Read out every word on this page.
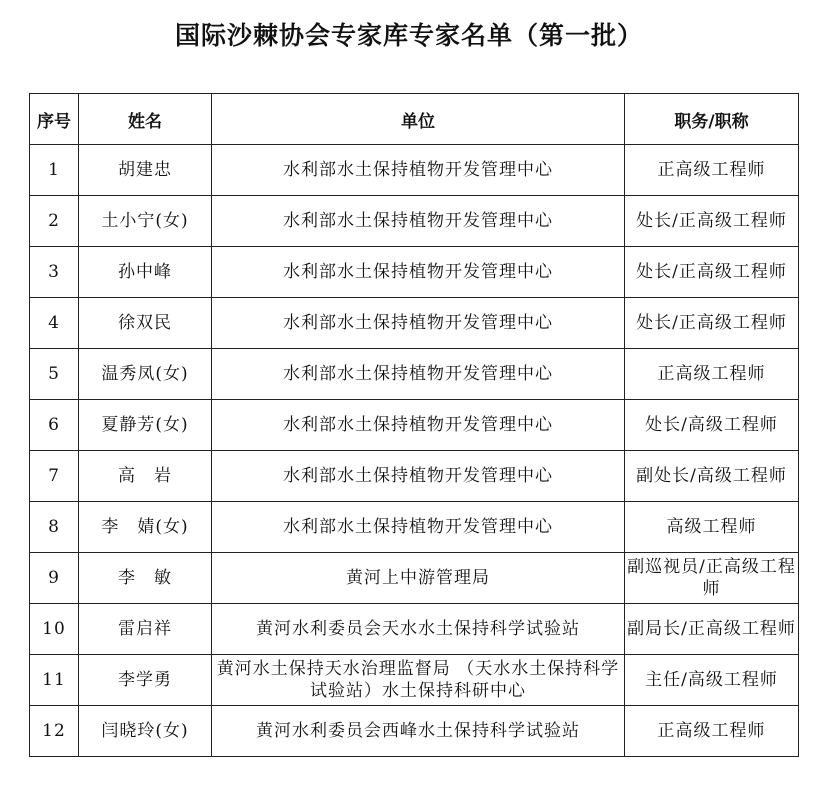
国际沙棘协会专家库专家名单（第一批）
序号	姓名	单位	职务/职称
1	胡建忠	水利部水土保持植物开发管理中心	正高级工程师
2	土小宁(女)	水利部水土保持植物开发管理中心	处长/正高级工程师
3	孙中峰	水利部水土保持植物开发管理中心	处长/正高级工程师
4	徐双民	水利部水土保持植物开发管理中心	处长/正高级工程师
5	温秀凤(女)	水利部水土保持植物开发管理中心	正高级工程师
6	夏静芳(女)	水利部水土保持植物开发管理中心	处长/高级工程师
7	高　岩	水利部水土保持植物开发管理中心	副处长/高级工程师
8	李　婧(女)	水利部水土保持植物开发管理中心	高级工程师
9	李　敏	黄河上中游管理局	副巡视员/正高级工程师
10	雷启祥	黄河水利委员会天水水土保持科学试验站	副局长/正高级工程师
11	李学勇	黄河水土保持天水治理监督局 （天水水土保持科学试验站）水土保持科研中心	主任/高级工程师
12	闫晓玲(女)	黄河水利委员会西峰水土保持科学试验站	正高级工程师
